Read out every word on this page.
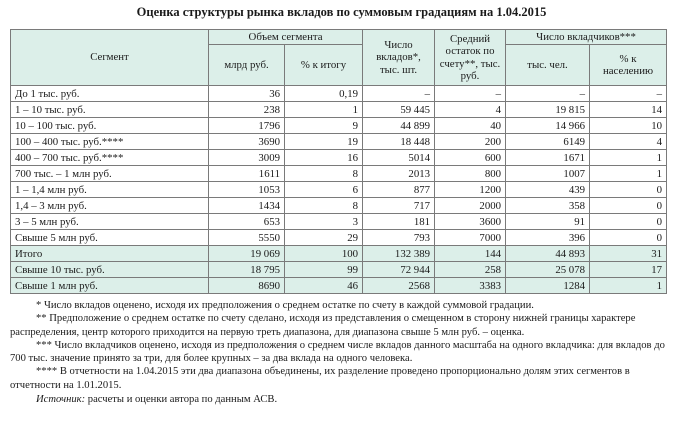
Оценка структуры рынка вкладов по суммовым градациям на 1.04.2015
Сегмент	Объем сегмента		Число вкладов*, тыс. шт.	Средний остаток по счету**, тыс. руб.	Число вкладчиков***	
	млрд руб.	% к итогу			тыс. чел.	% к населению
До 1 тыс. руб.	36	0,19	–	–	–	–
1 – 10 тыс. руб.	238	1	59 445	4	19 815	14
10 – 100 тыс. руб.	1796	9	44 899	40	14 966	10
100 – 400 тыс. руб.****	3690	19	18 448	200	6149	4
400 – 700 тыс. руб.****	3009	16	5014	600	1671	1
700 тыс. – 1 млн руб.	1611	8	2013	800	1007	1
1 – 1,4 млн руб.	1053	6	877	1200	439	0
1,4 – 3 млн руб.	1434	8	717	2000	358	0
3 – 5 млн руб.	653	3	181	3600	91	0
Свыше 5 млн руб.	5550	29	793	7000	396	0
Итого	19 069	100	132 389	144	44 893	31
Свыше 10 тыс. руб.	18 795	99	72 944	258	25 078	17
Свыше 1 млн руб.	8690	46	2568	3383	1284	1

* Число вкладов оценено, исходя их предположения о среднем остатке по счету в каждой суммовой градации.

** Предположение о среднем остатке по счету сделано, исходя из представления о смещенном в сторону нижней границы характере распределения, центр которого приходится на первую треть диапазона, для диапазона свыше 5 млн руб. – оценка.

*** Число вкладчиков оценено, исходя из предположения о среднем числе вкладов данного масштаба на одного вкладчика: для вкладов до 700 тыс. значение принято за три, для более крупных – за два вклада на одного человека.

**** В отчетности на 1.04.2015 эти два диапазона объединены, их разделение проведено пропорционально долям этих сегментов в отчетности на 1.01.2015.

Источник: расчеты и оценки автора по данным АСВ.
